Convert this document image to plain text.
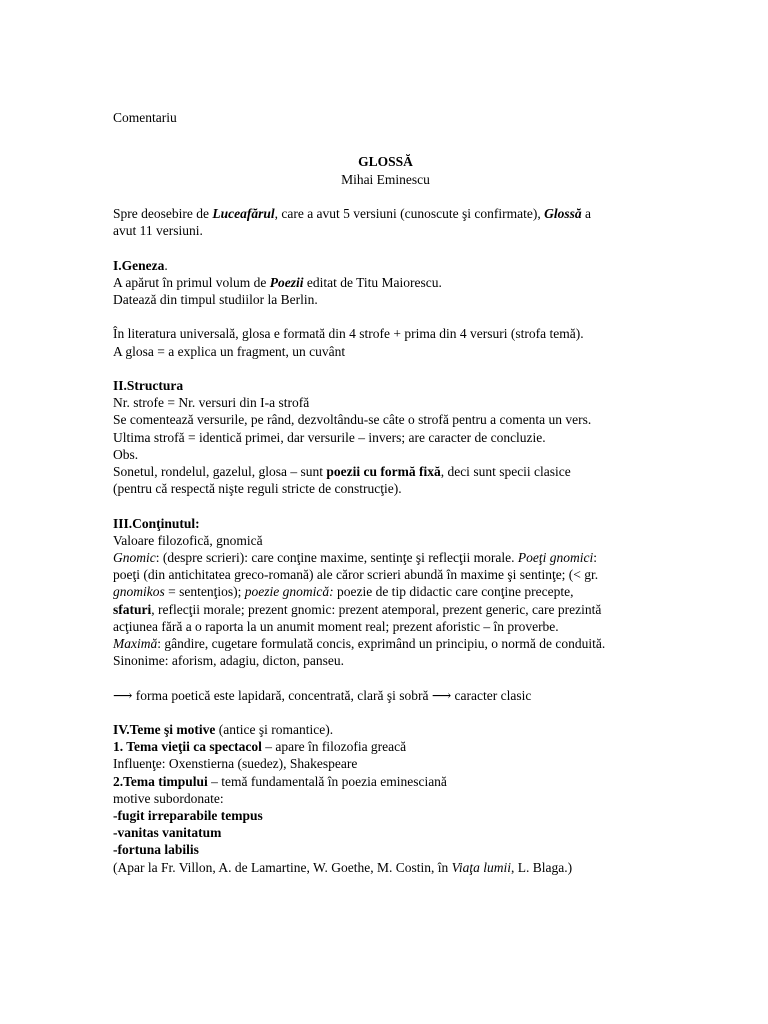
Comentariu

GLOSSĂ

Mihai Eminescu

Spre deosebire de Luceafărul, care a avut 5 versiuni (cunoscute şi confirmate), Glossă a

avut 11 versiuni.

I.Geneza.

A apărut în primul volum de Poezii editat de Titu Maiorescu.

Datează din timpul studiilor la Berlin.

În literatura universală, glosa e formată din 4 strofe + prima din 4 versuri (strofa temă).

A glosa = a explica un fragment, un cuvânt

II.Structura

Nr. strofe = Nr. versuri din I-a strofă

Se comentează versurile, pe rând, dezvoltându-se câte o strofă pentru a comenta un vers.

Ultima strofă = identică primei, dar versurile – invers; are caracter de concluzie.

Obs.

Sonetul, rondelul, gazelul, glosa – sunt poezii cu formă fixă, deci sunt specii clasice

(pentru că respectă nişte reguli stricte de construcţie).

III.Conţinutul:

Valoare filozofică, gnomică

Gnomic: (despre scrieri): care conţine maxime, sentinţe şi reflecţii morale. Poeţi gnomici:

poeţi (din antichitatea greco-romană) ale căror scrieri abundă în maxime şi sentinţe; (< gr.

gnomikos = sentenţios); poezie gnomică: poezie de tip didactic care conţine precepte,

sfaturi, reflecţii morale; prezent gnomic: prezent atemporal, prezent generic, care prezintă

acţiunea fără a o raporta la un anumit moment real; prezent aforistic – în proverbe.

Maximă: gândire, cugetare formulată concis, exprimând un principiu, o normă de conduită.

Sinonime: aforism, adagiu, dicton, panseu.

⟶ forma poetică este lapidară, concentrată, clară şi sobră ⟶ caracter clasic

IV.Teme şi motive (antice şi romantice).

1. Tema vieţii ca spectacol – apare în filozofia greacă

Influenţe: Oxenstierna (suedez), Shakespeare

2.Tema timpului – temă fundamentală în poezia eminesciană

motive subordonate:

-fugit irreparabile tempus

-vanitas vanitatum

-fortuna labilis

(Apar la Fr. Villon, A. de Lamartine, W. Goethe, M. Costin, în Viaţa lumii, L. Blaga.)
